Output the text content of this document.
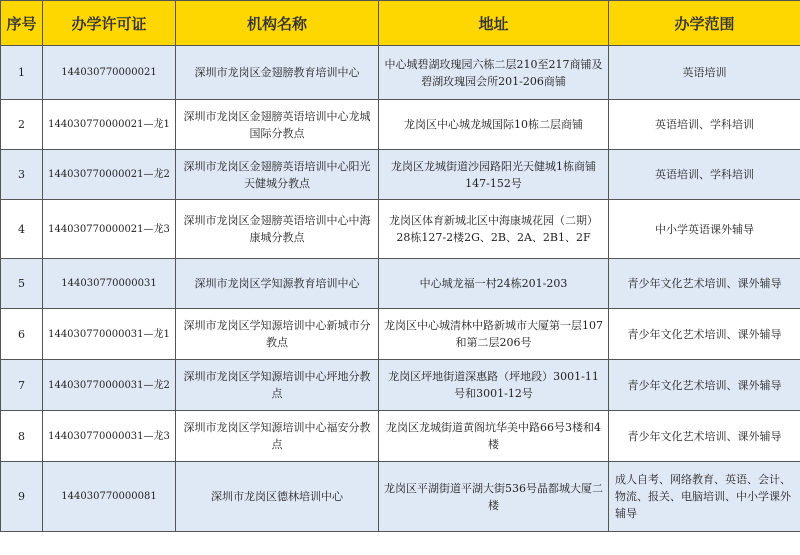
序号	办学许可证	机构名称	地址	办学范围
1	144030770000021	深圳市龙岗区金翅膀教育培训中心	中心城碧湖玫瑰园六栋二层210至217商铺及碧湖玫瑰园会所201-206商铺	英语培训
2	144030770000021—龙1	深圳市龙岗区金翅膀英语培训中心龙城国际分教点	龙岗区中心城龙城国际10栋二层商铺	英语培训、学科培训
3	144030770000021—龙2	深圳市龙岗区金翅膀英语培训中心阳光天健城分教点	龙岗区龙城街道沙园路阳光天健城1栋商铺147-152号	英语培训、学科培训
4	144030770000021—龙3	深圳市龙岗区金翅膀英语培训中心中海康城分教点	龙岗区体育新城北区中海康城花园（二期）28栋127-2楼2G、2B、2A、2B1、2F	中小学英语课外辅导
5	144030770000031	深圳市龙岗区学知源教育培训中心	中心城龙福一村24栋201-203	青少年文化艺术培训、课外辅导
6	144030770000031—龙1	深圳市龙岗区学知源培训中心新城市分教点	龙岗区中心城清林中路新城市大厦第一层107和第二层206号	青少年文化艺术培训、课外辅导
7	144030770000031—龙2	深圳市龙岗区学知源培训中心坪地分教点	龙岗区坪地街道深惠路（坪地段）3001-11号和3001-12号	青少年文化艺术培训、课外辅导
8	144030770000031—龙3	深圳市龙岗区学知源培训中心福安分教点	龙岗区龙城街道黄阁坑华美中路66号3楼和4楼	青少年文化艺术培训、课外辅导
9	144030770000081	深圳市龙岗区德林培训中心	龙岗区平湖街道平湖大街536号晶都城大厦二楼	成人自考、网络教育、英语、会计、物流、报关、电脑培训、中小学课外辅导
